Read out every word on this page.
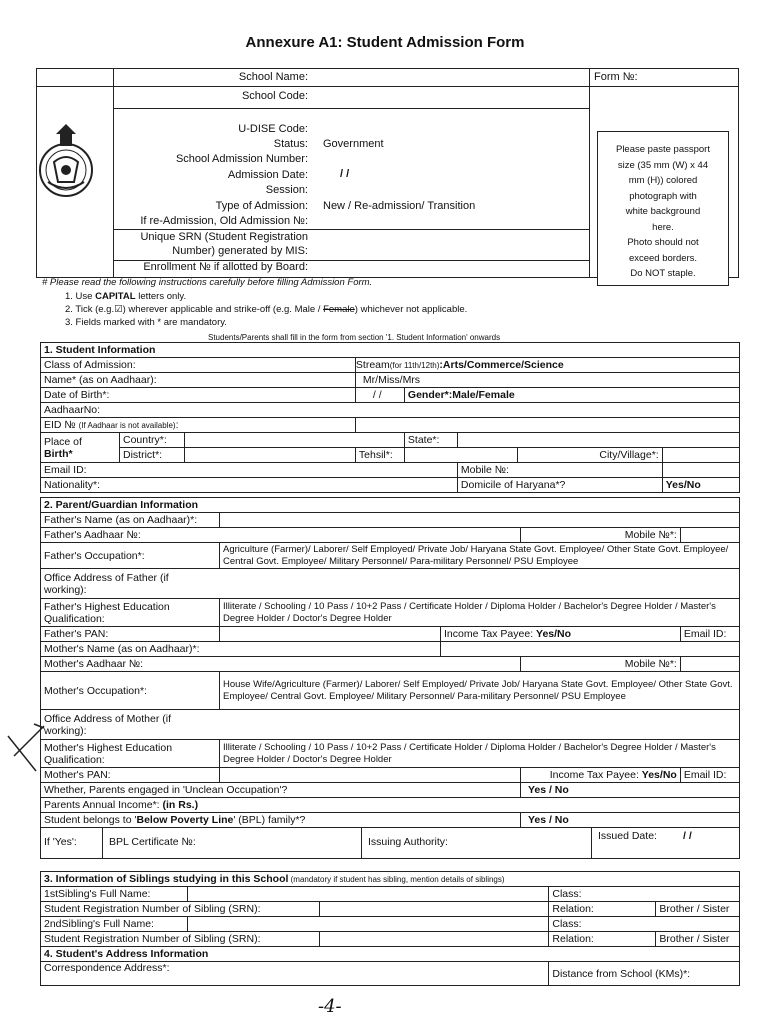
Annexure A1: Student Admission Form
School Name:
School Code:
U-DISE Code:
Status: Government
School Admission Number:
Admission Date:	/ /
Session:
Type of Admission: New / Re-admission/ Transition
If re-Admission, Old Admission №:
Unique SRN (Student Registration
Number) generated by MIS:
Enrollment № if allotted by Board:
Form №:
Please paste passport
size (35 mm (W) x 44
mm (H)) colored
photograph with
white background
here.
Photo should not
exceed borders.
Do NOT staple.
# Please read the following instructions carefully before filling Admission Form.
1. Use CAPITAL letters only.
2. Tick (e.g.☑) wherever applicable and strike-off (e.g. Male / Female) whichever not applicable.
3. Fields marked with * are mandatory.
Students/Parents shall fill in the form from section '1. Student Information' onwards
1. Student Information							
Class of Admission:			Stream(for 11th/12th):Arts/Commerce/Science				
Name* (as on Aadhaar):			Mr/Miss/Mrs				
Date of Birth*:			/ /	Gender*:Male/Female			
AadhaarNo:							
EID № (If Aadhaar is not available):							

Place of
Birth*	Country*:			State*:			
	District*:		Tehsil*:			City/Village*:	
Email ID:					Mobile №:		
Nationality*:					Domicile of Haryana*?		Yes/No
2. Parent/Guardian Information				
Father's Name (as on Aadhaar)*:				
Father's Aadhaar №:			Mobile №*:	
Father's Occupation*:	Agriculture (Farmer)/ Laborer/ Self Employed/ Private Job/ Haryana State Govt. Employee/ Other State Govt. Employee/ Central Govt. Employee/ Military Personnel/ Para-military Personnel/ PSU Employee			

Office Address of Father (if working):				

Father's Highest Education Qualification:	Illiterate / Schooling / 10 Pass / 10+2 Pass / Certificate Holder / Diploma Holder / Bachelor's Degree Holder / Master's Degree Holder / Doctor's Degree Holder			
Father's PAN:		Income Tax Payee: Yes/No		Email ID:
Mother's Name (as on Aadhaar)*:				
Mother's Aadhaar №:			Mobile №*:	
Mother's Occupation*:	House Wife/Agriculture (Farmer)/ Laborer/ Self Employed/ Private Job/ Haryana State Govt. Employee/ Other State Govt. Employee/ Central Govt. Employee/ Military Personnel/ Para-military Personnel/ PSU Employee			

Office Address of Mother (if working):				

Mother's Highest Education Qualification:	Illiterate / Schooling / 10 Pass / 10+2 Pass / Certificate Holder / Diploma Holder / Bachelor's Degree Holder / Master's Degree Holder / Doctor's Degree Holder			
Mother's PAN:			Income Tax Payee: Yes/No	Email ID:
Whether, Parents engaged in 'Unclean Occupation'?			Yes / No	
Parents Annual Income*: (in Rs.)				
Student belongs to 'Below Poverty Line' (BPL) family*?			Yes / No	

If 'Yes': BPL Certificate №: Issuing Authority: Issued Date: / /				
3. Information of Siblings studying in this School (mandatory if student has sibling, mention details of siblings)				
1stSibling's Full Name:			Class:	
Student Registration Number of Sibling (SRN):			Relation:	Brother / Sister
2ndSibling's Full Name:			Class:	
Student Registration Number of Sibling (SRN):			Relation:	Brother / Sister
4. Student's Address Information				
Correspondence Address*:			Distance from School (KMs)*:	
-4-
